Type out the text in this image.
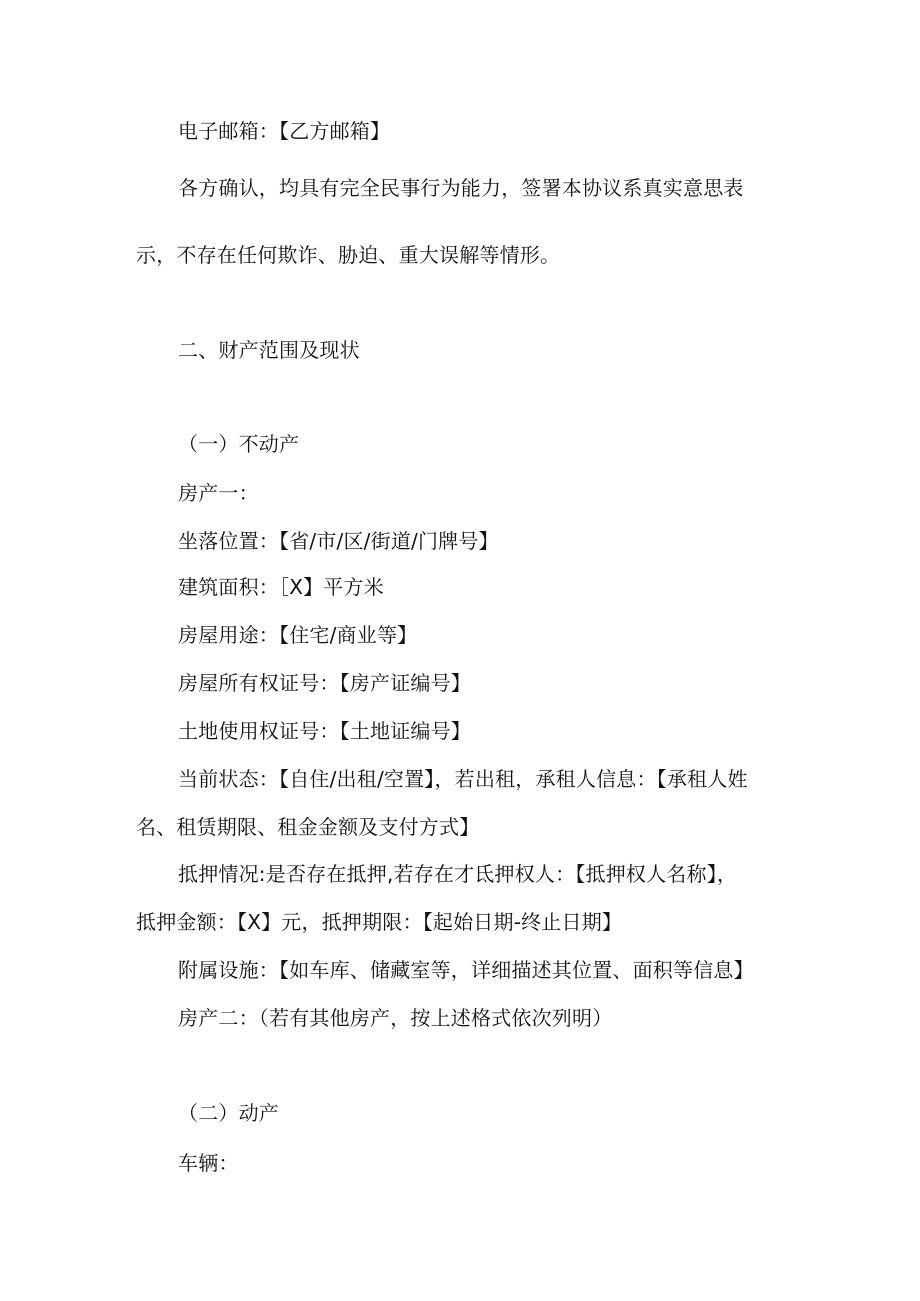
电子邮箱：【乙方邮箱】
各方确认，均具有完全民事行为能力，签署本协议系真实意思表
示，不存在任何欺诈、胁迫、重大误解等情形。
二、财产范围及现状
（一）不动产
房产一：
坐落位置：【省/市/区/街道/门牌号】
建筑面积：［X】平方米
房屋用途：【住宅/商业等】
房屋所有权证号：【房产证编号】
土地使用权证号：【土地证编号】
当前状态：【自住/出租/空置】，若出租，承租人信息：【承租人姓
名、租赁期限、租金金额及支付方式】
抵押情况:是否存在抵押,若存在才氐押权人：【抵押权人名称】，
抵押金额：【X】元，抵押期限：【起始日期-终止日期】
附属设施：【如车库、储藏室等，详细描述其位置、面积等信息】
房产二：（若有其他房产，按上述格式依次列明）
（二）动产
车辆：
